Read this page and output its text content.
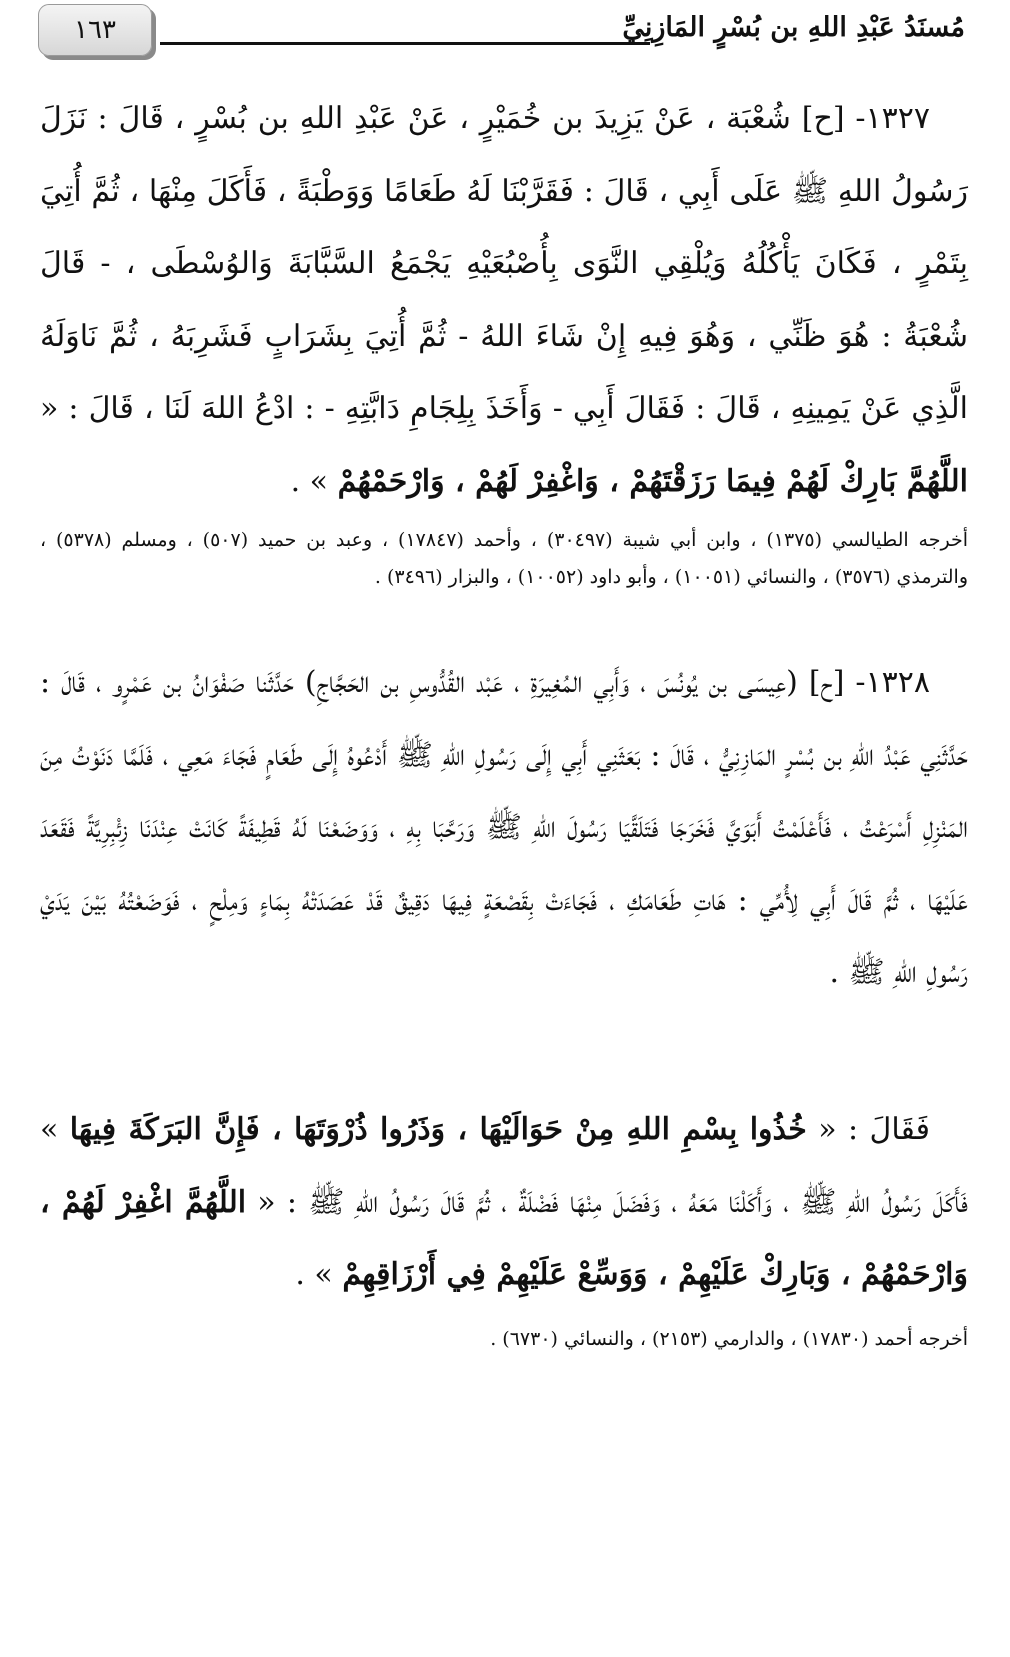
١٦٣	مُسنَدُ عَبْدِ اللهِ بن بُسْرٍ المَازِنِيِّ

١٣٢٧- [ح] شُعْبَة ، عَنْ يَزِيدَ بن خُمَيْرٍ ، عَنْ عَبْدِ اللهِ بن بُسْرٍ ، قَالَ : نَزَلَ رَسُولُ اللهِ ﷺ عَلَى أَبِي ، قَالَ : فَقَرَّبْنَا لَهُ طَعَامًا وَوَطْبَةً ، فَأَكَلَ مِنْهَا ، ثُمَّ أُتِيَ بِتَمْرٍ ، فَكَانَ يَأْكُلُهُ وَيُلْقِي النَّوَى بِأُصْبُعَيْهِ يَجْمَعُ السَّبَّابَةَ وَالوُسْطَى ، - قَالَ شُعْبَةُ : هُوَ ظَنِّي ، وَهُوَ فِيهِ إِنْ شَاءَ اللهُ - ثُمَّ أُتِيَ بِشَرَابٍ فَشَرِبَهُ ، ثُمَّ نَاوَلَهُ الَّذِي عَنْ يَمِينِهِ ، قَالَ : فَقَالَ أَبِي - وَأَخَذَ بِلِجَامِ دَابَّتِهِ - : ادْعُ اللهَ لَنَا ، قَالَ : « اللَّهُمَّ بَارِكْ لَهُمْ فِيمَا رَزَقْتَهُمْ ، وَاغْفِرْ لَهُمْ ، وَارْحَمْهُمْ » .

أخرجه الطيالسي (١٣٧٥) ، وابن أبي شيبة (٣٠٤٩٧) ، وأحمد (١٧٨٤٧) ، وعبد بن حميد (٥٠٧) ، ومسلم (٥٣٧٨) ، والترمذي (٣٥٧٦) ، والنسائي (١٠٠٥١) ، وأبو داود (١٠٠٥٢) ، والبزار (٣٤٩٦) .

١٣٢٨- [ح] (عِيسَى بن يُونُسَ ، وَأَبِي المُغِيرَةِ ، عَبْد القُدُّوسِ بن الحَجَّاجِ) حَدَّثَنا صَفْوَانُ بن عَمْرٍو ، قَالَ : حَدَّثَنِي عَبْدُ اللهِ بن بُسْرٍ المَازِنِيُّ ، قَالَ : بَعَثَنِي أَبِي إِلَى رَسُولِ اللهِ ﷺ أَدْعُوهُ إِلَى طَعَامٍ فَجَاءَ مَعِي ، فَلَمَّا دَنَوْتُ مِنَ المَنْزِلِ أَسْرَعْتُ ، فَأَعْلَمْتُ أَبَوَيَّ فَخَرَجَا فَتَلَقَّيَا رَسُولَ اللهِ ﷺ وَرَحَّبَا بِهِ ، وَوَضَعْنَا لَهُ قَطِيفَةً كَانَتْ عِنْدَنَا زِئْبِرِيَّةً فَقَعَدَ عَلَيْهَا ، ثُمَّ قَالَ أَبِي لِأُمِّي : هَاتِ طَعَامَكِ ، فَجَاءَتْ بِقَصْعَةٍ فِيهَا دَقِيقٌ قَدْ عَصَدَتْهُ بِمَاءٍ وَمِلْحٍ ، فَوَضَعْتُهُ بَيْنَ يَدَيْ رَسُولِ اللهِ ﷺ .

فَقَالَ : « خُذُوا بِسْمِ اللهِ مِنْ حَوَالَيْهَا ، وَذَرُوا ذُرْوَتَهَا ، فَإِنَّ البَرَكَةَ فِيهَا » فَأَكَلَ رَسُولُ اللهِ ﷺ ، وَأَكَلْنَا مَعَهُ ، وَفَضَلَ مِنْهَا فَضْلَةٌ ، ثُمَّ قَالَ رَسُولُ اللهِ ﷺ : « اللَّهُمَّ اغْفِرْ لَهُمْ ، وَارْحَمْهُمْ ، وَبَارِكْ عَلَيْهِمْ ، وَوَسِّعْ عَلَيْهِمْ فِي أَرْزَاقِهِمْ » .

أخرجه أحمد (١٧٨٣٠) ، والدارمي (٢١٥٣) ، والنسائي (٦٧٣٠) .
